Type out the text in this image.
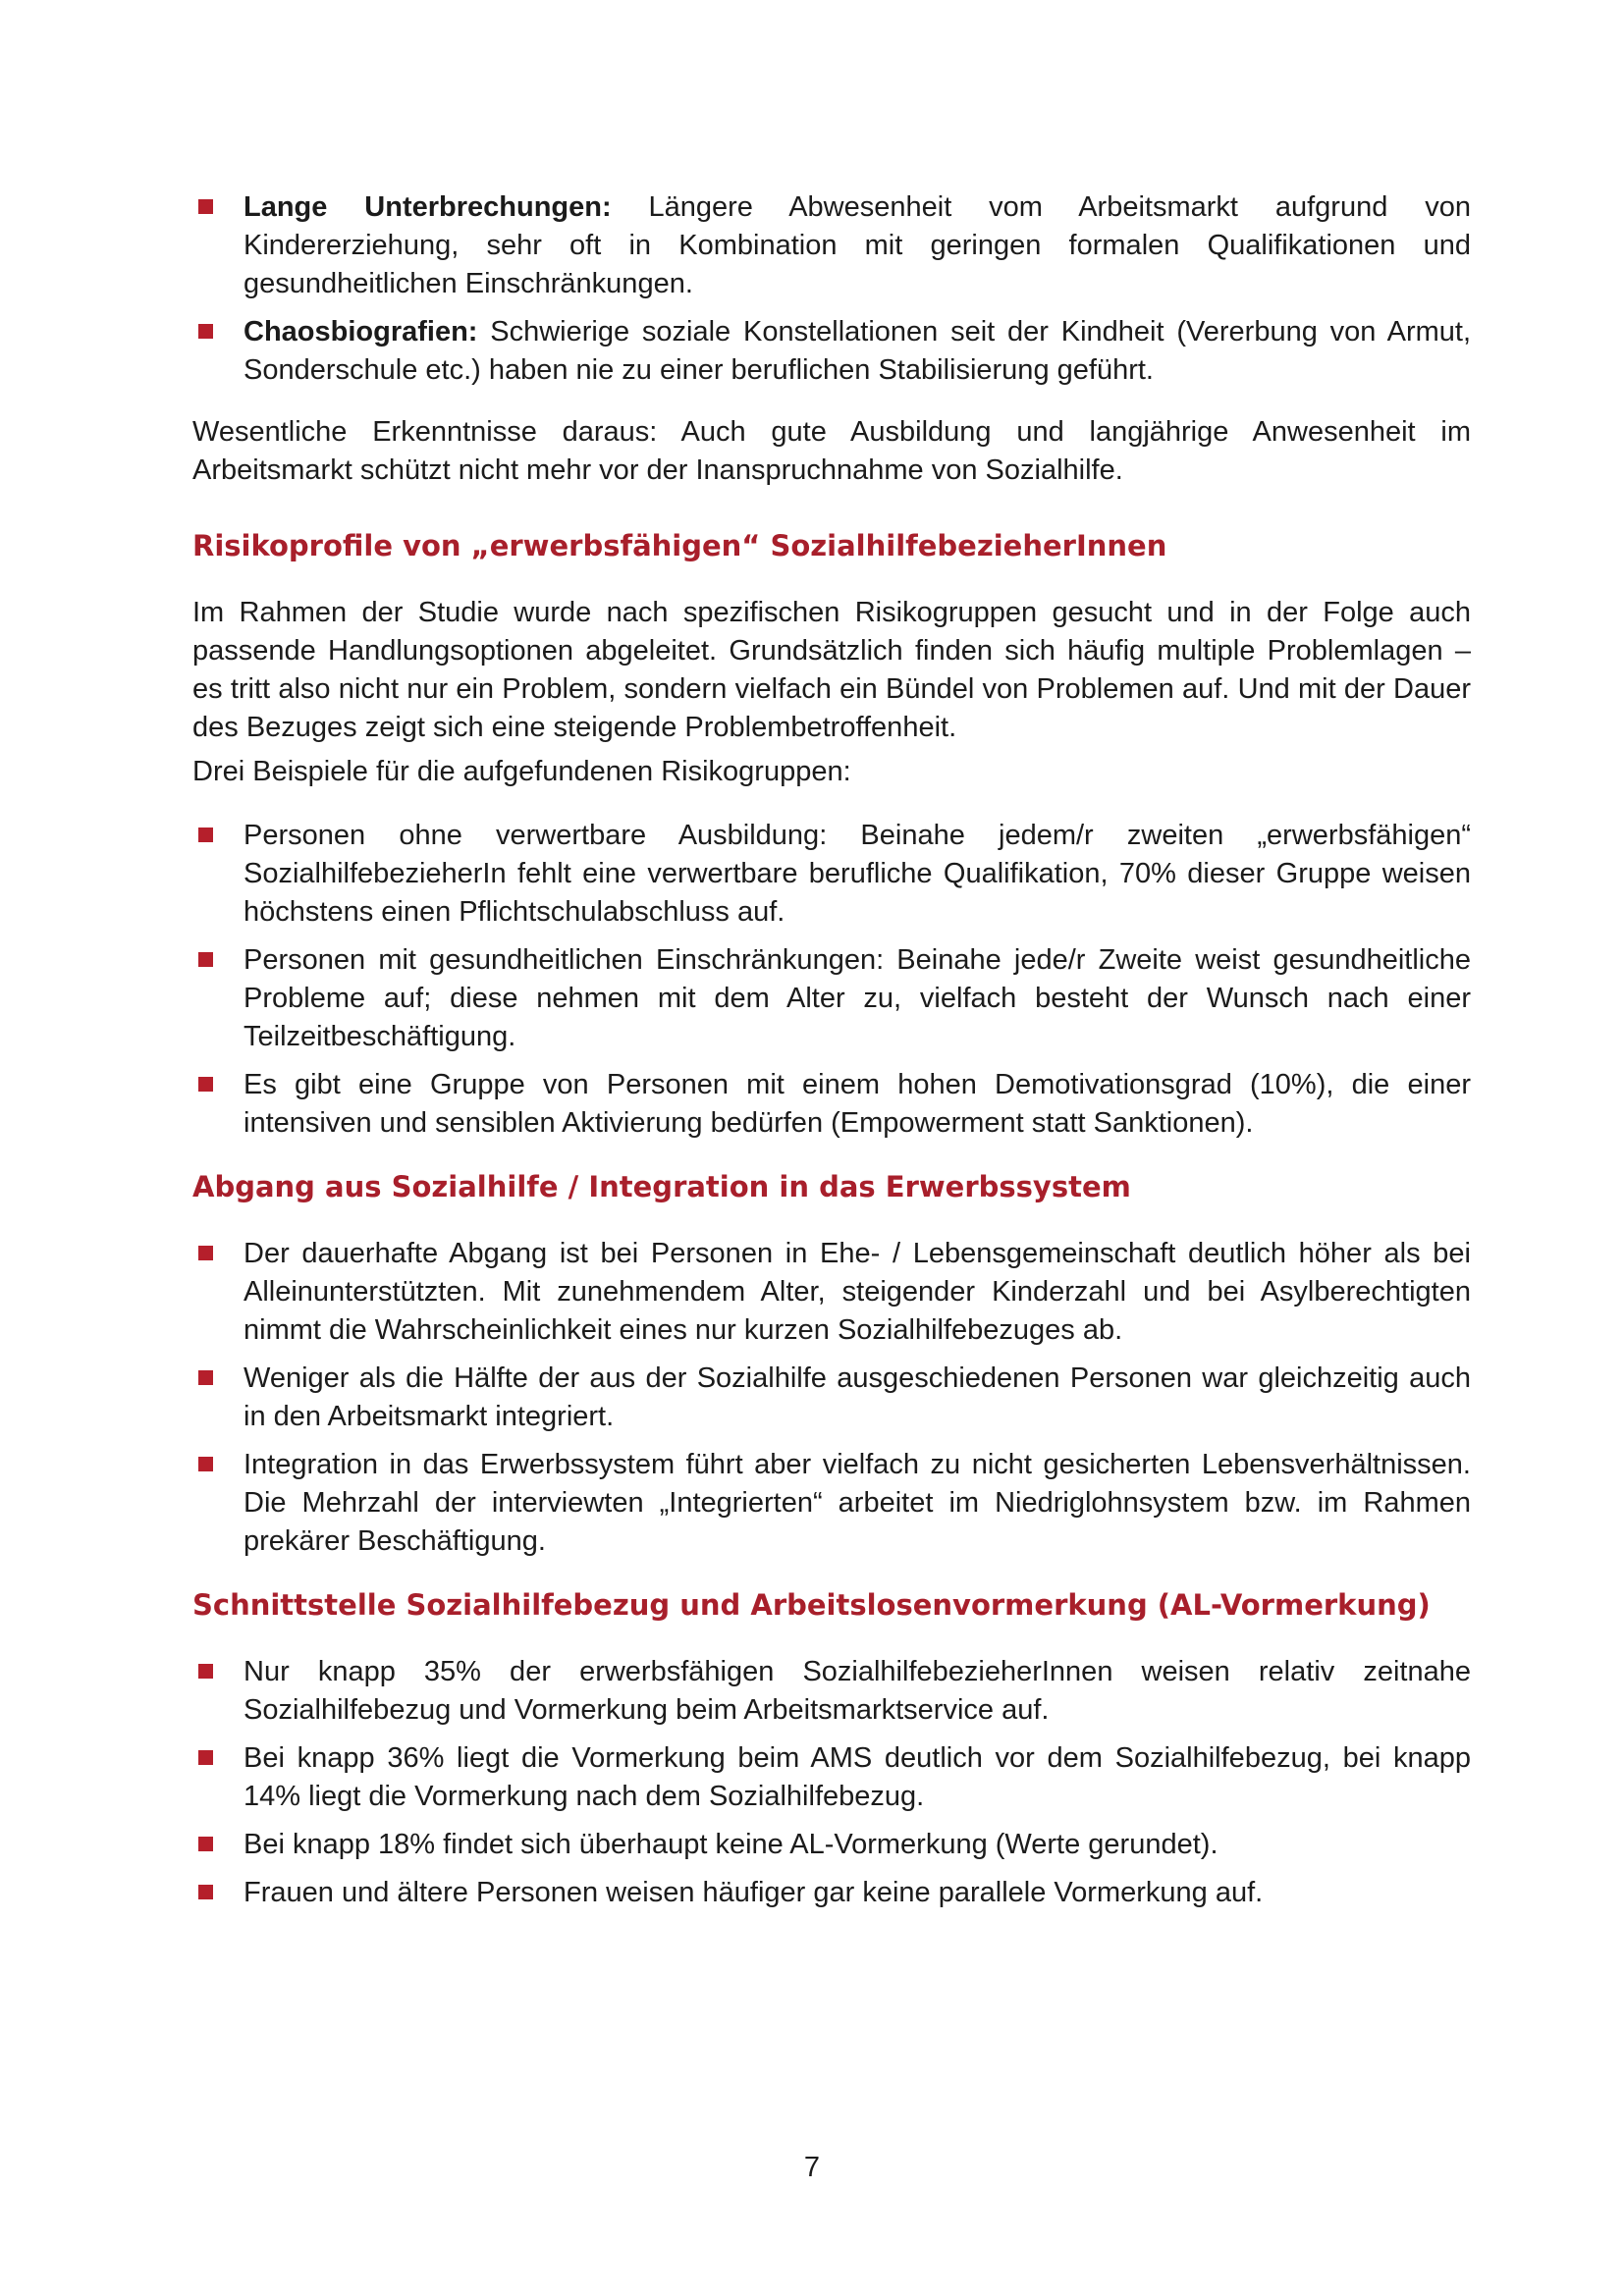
Lange Unterbrechungen: Längere Abwesenheit vom Arbeitsmarkt aufgrund von Kindererziehung, sehr oft in Kombination mit geringen formalen Qualifikationen und gesundheitlichen Einschränkungen.
Chaosbiografien: Schwierige soziale Konstellationen seit der Kindheit (Vererbung von Armut, Sonderschule etc.) haben nie zu einer beruflichen Stabilisierung geführt.

Wesentliche Erkenntnisse daraus: Auch gute Ausbildung und langjährige Anwesenheit im Arbeitsmarkt schützt nicht mehr vor der Inanspruchnahme von Sozialhilfe.

Risikoprofile von „erwerbsfähigen“ SozialhilfebezieherInnen

Im Rahmen der Studie wurde nach spezifischen Risikogruppen gesucht und in der Folge auch passende Handlungsoptionen abgeleitet. Grundsätzlich finden sich häufig multiple Problemlagen – es tritt also nicht nur ein Problem, sondern vielfach ein Bündel von Problemen auf. Und mit der Dauer des Bezuges zeigt sich eine steigende Problembetroffenheit.

Drei Beispiele für die aufgefundenen Risikogruppen:

Personen ohne verwertbare Ausbildung: Beinahe jedem/r zweiten „erwerbsfähigen“ SozialhilfebezieherIn fehlt eine verwertbare berufliche Qualifikation, 70% dieser Gruppe weisen höchstens einen Pflichtschulabschluss auf.
Personen mit gesundheitlichen Einschränkungen: Beinahe jede/r Zweite weist gesundheitliche Probleme auf; diese nehmen mit dem Alter zu, vielfach besteht der Wunsch nach einer Teilzeitbeschäftigung.
Es gibt eine Gruppe von Personen mit einem hohen Demotivationsgrad (10%), die einer intensiven und sensiblen Aktivierung bedürfen (Empowerment statt Sanktionen).
Abgang aus Sozialhilfe / Integration in das Erwerbssystem
Der dauerhafte Abgang ist bei Personen in Ehe- / Lebensgemeinschaft deutlich höher als bei Alleinunterstützten. Mit zunehmendem Alter, steigender Kinderzahl und bei Asylberechtigten nimmt die Wahrscheinlichkeit eines nur kurzen Sozialhilfebezuges ab.
Weniger als die Hälfte der aus der Sozialhilfe ausgeschiedenen Personen war gleichzeitig auch in den Arbeitsmarkt integriert.
Integration in das Erwerbssystem führt aber vielfach zu nicht gesicherten Lebensverhältnissen. Die Mehrzahl der interviewten „Integrierten“ arbeitet im Niedriglohnsystem bzw. im Rahmen prekärer Beschäftigung.
Schnittstelle Sozialhilfebezug und Arbeitslosenvormerkung (AL-Vormerkung)
Nur knapp 35% der erwerbsfähigen SozialhilfebezieherInnen weisen relativ zeitnahe Sozialhilfebezug und Vormerkung beim Arbeitsmarktservice auf.
Bei knapp 36% liegt die Vormerkung beim AMS deutlich vor dem Sozialhilfebezug, bei knapp 14% liegt die Vormerkung nach dem Sozialhilfebezug.
Bei knapp 18% findet sich überhaupt keine AL-Vormerkung (Werte gerundet).
Frauen und ältere Personen weisen häufiger gar keine parallele Vormerkung auf.
7
